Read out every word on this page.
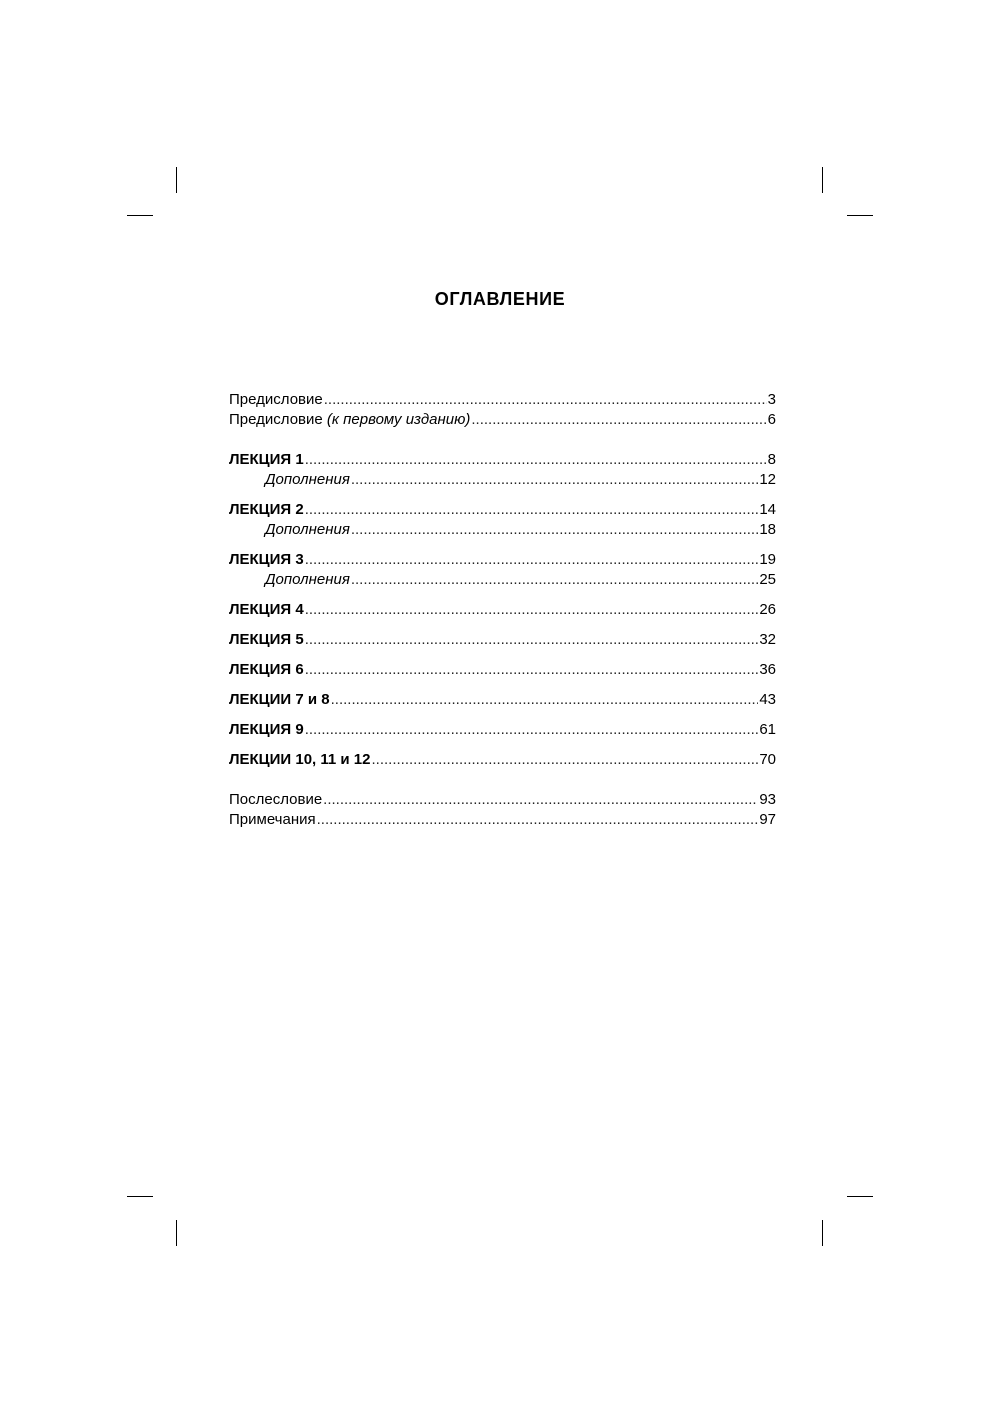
ОГЛАВЛЕНИЕ
Предисловие .....	3
Предисловие (к первому изданию) .....	6
ЛЕКЦИЯ 1 .....	8
Дополнения .....	12
ЛЕКЦИЯ 2 .....	14
Дополнения .....	18
ЛЕКЦИЯ 3 .....	19
Дополнения .....	25
ЛЕКЦИЯ 4 .....	26
ЛЕКЦИЯ 5 .....	32
ЛЕКЦИЯ 6 .....	36
ЛЕКЦИИ 7 и 8 .....	43
ЛЕКЦИЯ 9 .....	61
ЛЕКЦИИ 10, 11 и 12 .....	70
Послесловие .....	93
Примечания .....	97
